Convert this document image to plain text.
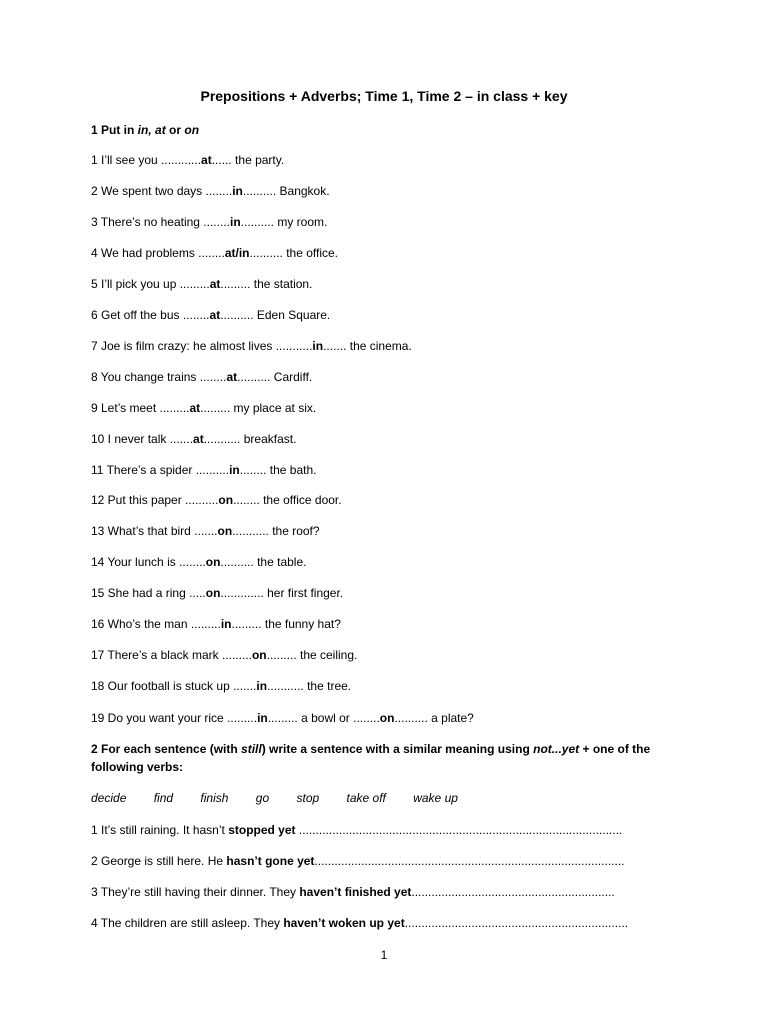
Prepositions + Adverbs; Time 1, Time 2 – in class + key
1 Put in in, at or on
1 I’ll see you ............at...... the party.
2 We spent two days ........in.......... Bangkok.
3 There’s no heating ........in.......... my room.
4 We had problems ........at/in.......... the office.
5 I’ll pick you up .........at......... the station.
6 Get off the bus ........at.......... Eden Square.
7 Joe is film crazy: he almost lives ...........in....... the cinema.
8 You change trains ........at.......... Cardiff.
9 Let’s meet .........at......... my place at six.
10 I never talk .......at........... breakfast.
11 There’s a spider ..........in........ the bath.
12 Put this paper ..........on........ the office door.
13 What’s that bird .......on........... the roof?
14 Your lunch is ........on.......... the table.
15 She had a ring .....on............. her first finger.
16 Who’s the man .........in......... the funny hat?
17 There’s a black mark .........on......... the ceiling.
18 Our football is stuck up .......in........... the tree.
19 Do you want your rice .........in......... a bowl or ........on.......... a plate?
2 For each sentence (with still) write a sentence with a similar meaning using not...yet + one of the
following verbs:
decide find finish go stop take off wake up
1 It’s still raining. It hasn’t stopped yet .................................................................................................
2 George is still here. He hasn’t gone yet.............................................................................................
3 They’re still having their dinner. They haven’t finished yet.............................................................
4 The children are still asleep. They haven’t woken up yet...................................................................
1
